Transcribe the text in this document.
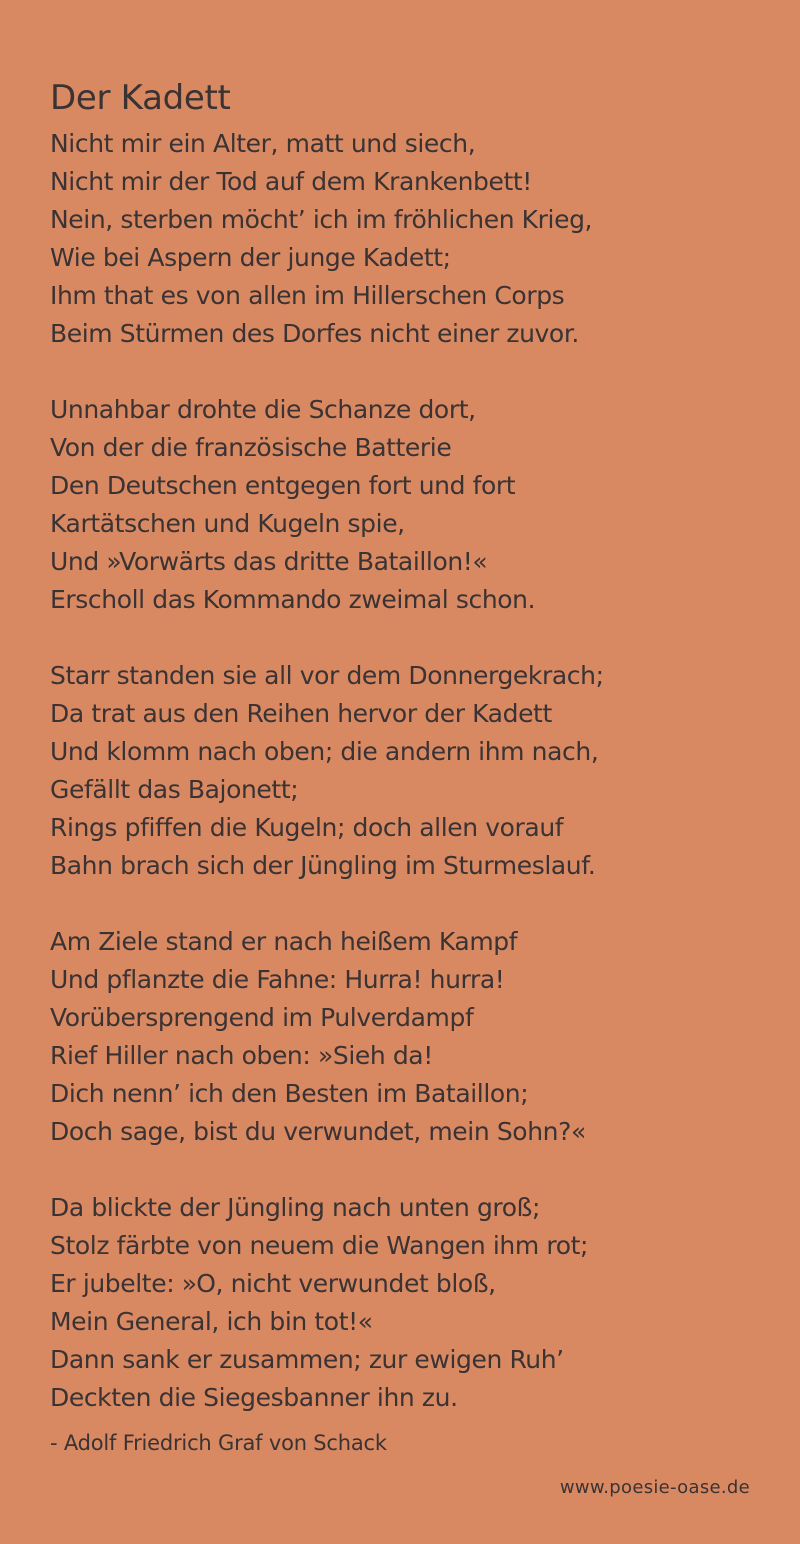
Der Kadett
Nicht mir ein Alter, matt und siech,
Nicht mir der Tod auf dem Krankenbett!
Nein, sterben möcht’ ich im fröhlichen Krieg,
Wie bei Aspern der junge Kadett;
Ihm that es von allen im Hillerschen Corps
Beim Stürmen des Dorfes nicht einer zuvor.
Unnahbar drohte die Schanze dort,
Von der die französische Batterie
Den Deutschen entgegen fort und fort
Kartätschen und Kugeln spie,
Und »Vorwärts das dritte Bataillon!«
Erscholl das Kommando zweimal schon.
Starr standen sie all vor dem Donnergekrach;
Da trat aus den Reihen hervor der Kadett
Und klomm nach oben; die andern ihm nach,
Gefällt das Bajonett;
Rings pfiffen die Kugeln; doch allen vorauf
Bahn brach sich der Jüngling im Sturmeslauf.
Am Ziele stand er nach heißem Kampf
Und pflanzte die Fahne: Hurra! hurra!
Vorübersprengend im Pulverdampf
Rief Hiller nach oben: »Sieh da!
Dich nenn’ ich den Besten im Bataillon;
Doch sage, bist du verwundet, mein Sohn?«
Da blickte der Jüngling nach unten groß;
Stolz färbte von neuem die Wangen ihm rot;
Er jubelte: »O, nicht verwundet bloß,
Mein General, ich bin tot!«
Dann sank er zusammen; zur ewigen Ruh’
Deckten die Siegesbanner ihn zu.
- Adolf Friedrich Graf von Schack
www.poesie-oase.de
